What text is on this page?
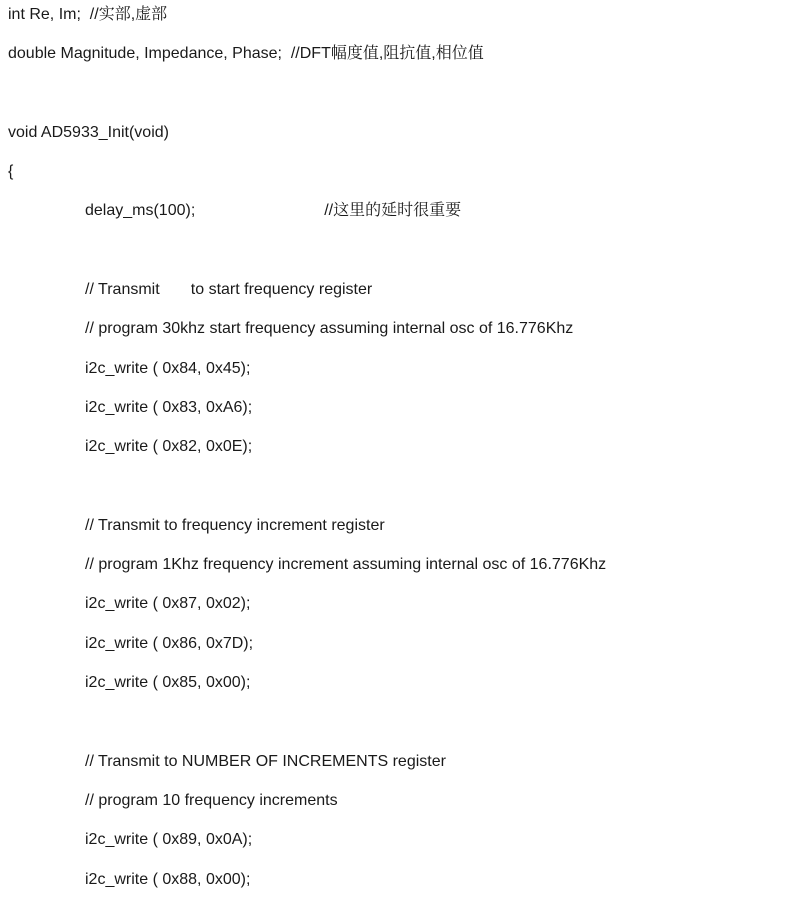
int Re, Im;  //实部,虚部
double Magnitude, Impedance, Phase;  //DFT幅度值,阻抗值,相位值
void AD5933_Init(void)
{
delay_ms(100);                             //这里的延时很重要
// Transmit       to start frequency register
// program 30khz start frequency assuming internal osc of 16.776Khz
i2c_write ( 0x84, 0x45);
i2c_write ( 0x83, 0xA6);
i2c_write ( 0x82, 0x0E);
// Transmit to frequency increment register
// program 1Khz frequency increment assuming internal osc of 16.776Khz
i2c_write ( 0x87, 0x02);
i2c_write ( 0x86, 0x7D);
i2c_write ( 0x85, 0x00);
// Transmit to NUMBER OF INCREMENTS register
// program 10 frequency increments
i2c_write ( 0x89, 0x0A);
i2c_write ( 0x88, 0x00);
